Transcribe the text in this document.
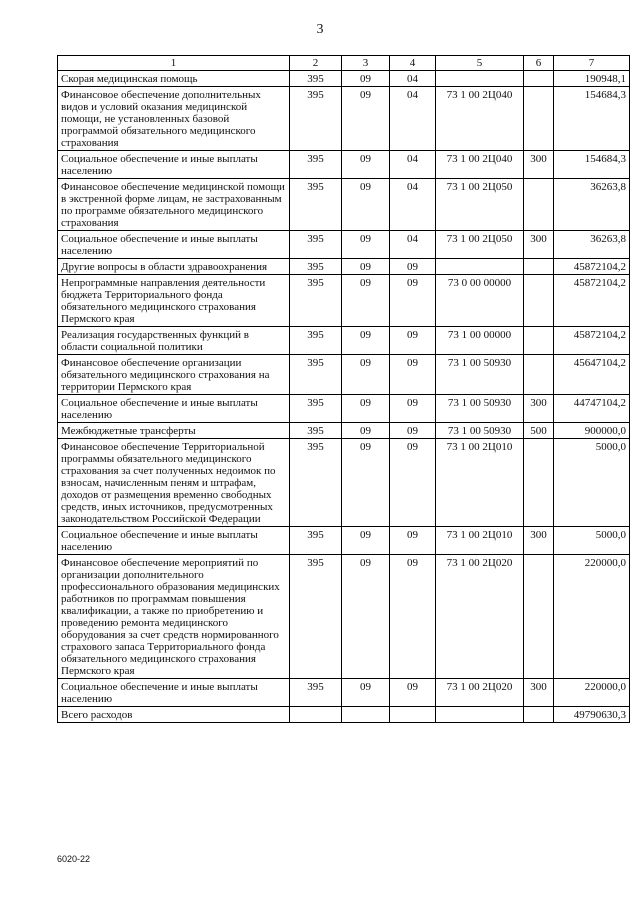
3
1	2	3	4	5	6	7
Скорая медицинская помощь	395	09	04			190948,1
Финансовое обеспечение дополнительных видов и условий оказания медицинской помощи, не установленных базовой программой обязательного медицинского страхования	395	09	04	73 1 00 2Ц040		154684,3
Социальное обеспечение и иные выплаты населению	395	09	04	73 1 00 2Ц040	300	154684,3
Финансовое обеспечение медицинской помощи в экстренной форме лицам, не застрахованным по программе обязательного медицинского страхования	395	09	04	73 1 00 2Ц050		36263,8
Социальное обеспечение и иные выплаты населению	395	09	04	73 1 00 2Ц050	300	36263,8
Другие вопросы в области здравоохранения	395	09	09			45872104,2
Непрограммные направления деятельности бюджета Территориального фонда обязательного медицинского страхования Пермского края	395	09	09	73 0 00 00000		45872104,2
Реализация государственных функций в области социальной политики	395	09	09	73 1 00 00000		45872104,2
Финансовое обеспечение организации обязательного медицинского страхования на территории Пермского края	395	09	09	73 1 00 50930		45647104,2
Социальное обеспечение и иные выплаты населению	395	09	09	73 1 00 50930	300	44747104,2
Межбюджетные трансферты	395	09	09	73 1 00 50930	500	900000,0
Финансовое обеспечение Территориальной программы обязательного медицинского страхования за счет полученных недоимок по взносам, начисленным пеням и штрафам, доходов от размещения временно свободных средств, иных источников, предусмотренных законодательством Российской Федерации	395	09	09	73 1 00 2Ц010		5000,0
Социальное обеспечение и иные выплаты населению	395	09	09	73 1 00 2Ц010	300	5000,0
Финансовое обеспечение мероприятий по организации дополнительного профессионального образования медицинских работников по программам повышения квалификации, а также по приобретению и проведению ремонта медицинского оборудования за счет средств нормированного страхового запаса Территориального фонда обязательного медицинского страхования Пермского края	395	09	09	73 1 00 2Ц020		220000,0
Социальное обеспечение и иные выплаты населению	395	09	09	73 1 00 2Ц020	300	220000,0
Всего расходов						49790630,3
6020-22
